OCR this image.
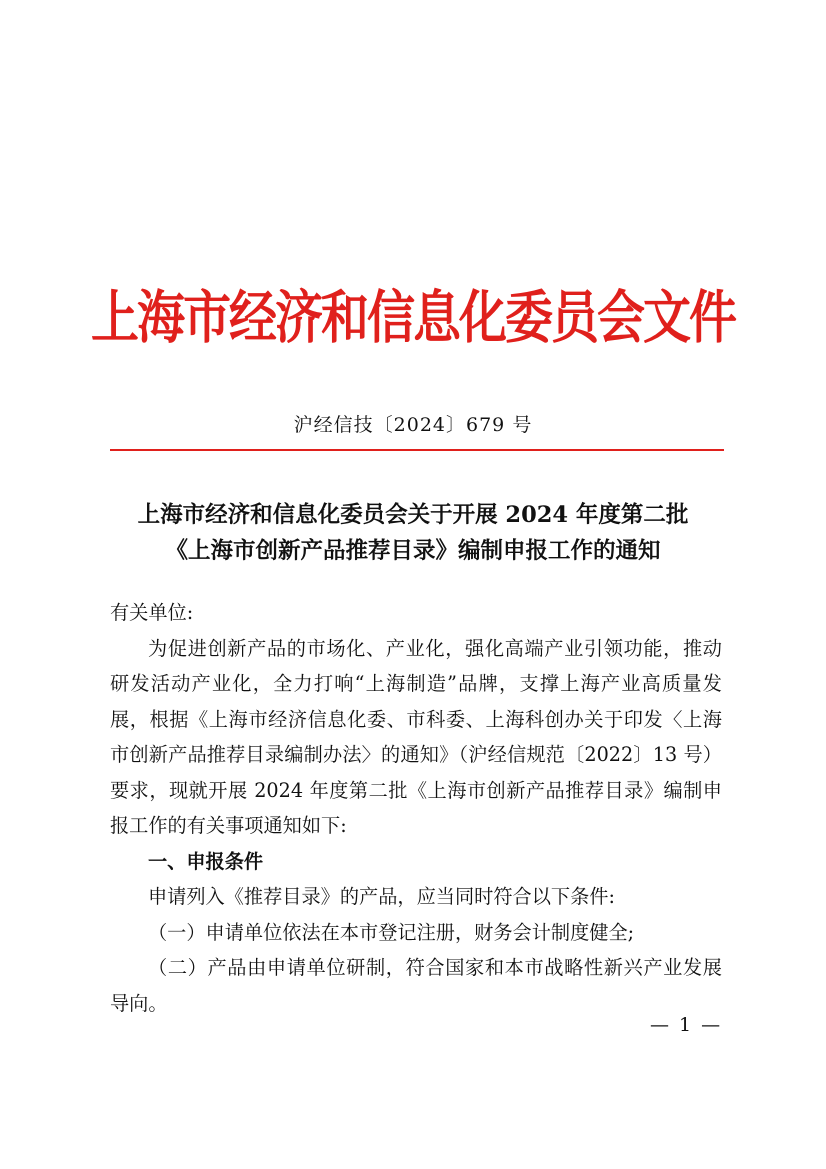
上海市经济和信息化委员会文件
沪经信技〔2024〕679 号
上海市经济和信息化委员会关于开展 2024 年度第二批
《上海市创新产品推荐目录》编制申报工作的通知

有关单位:

为促进创新产品的市场化、产业化，强化高端产业引领功能，推动研发活动产业化，全力打响“上海制造”品牌，支撑上海产业高质量发展，根据《上海市经济信息化委、市科委、上海科创办关于印发〈上海市创新产品推荐目录编制办法〉的通知》（沪经信规范〔2022〕13 号）要求，现就开展 2024 年度第二批《上海市创新产品推荐目录》编制申报工作的有关事项通知如下:

一、申报条件

申请列入《推荐目录》的产品，应当同时符合以下条件:

（一）申请单位依法在本市登记注册，财务会计制度健全;

（二）产品由申请单位研制，符合国家和本市战略性新兴产业发展导向。

— 1 —
